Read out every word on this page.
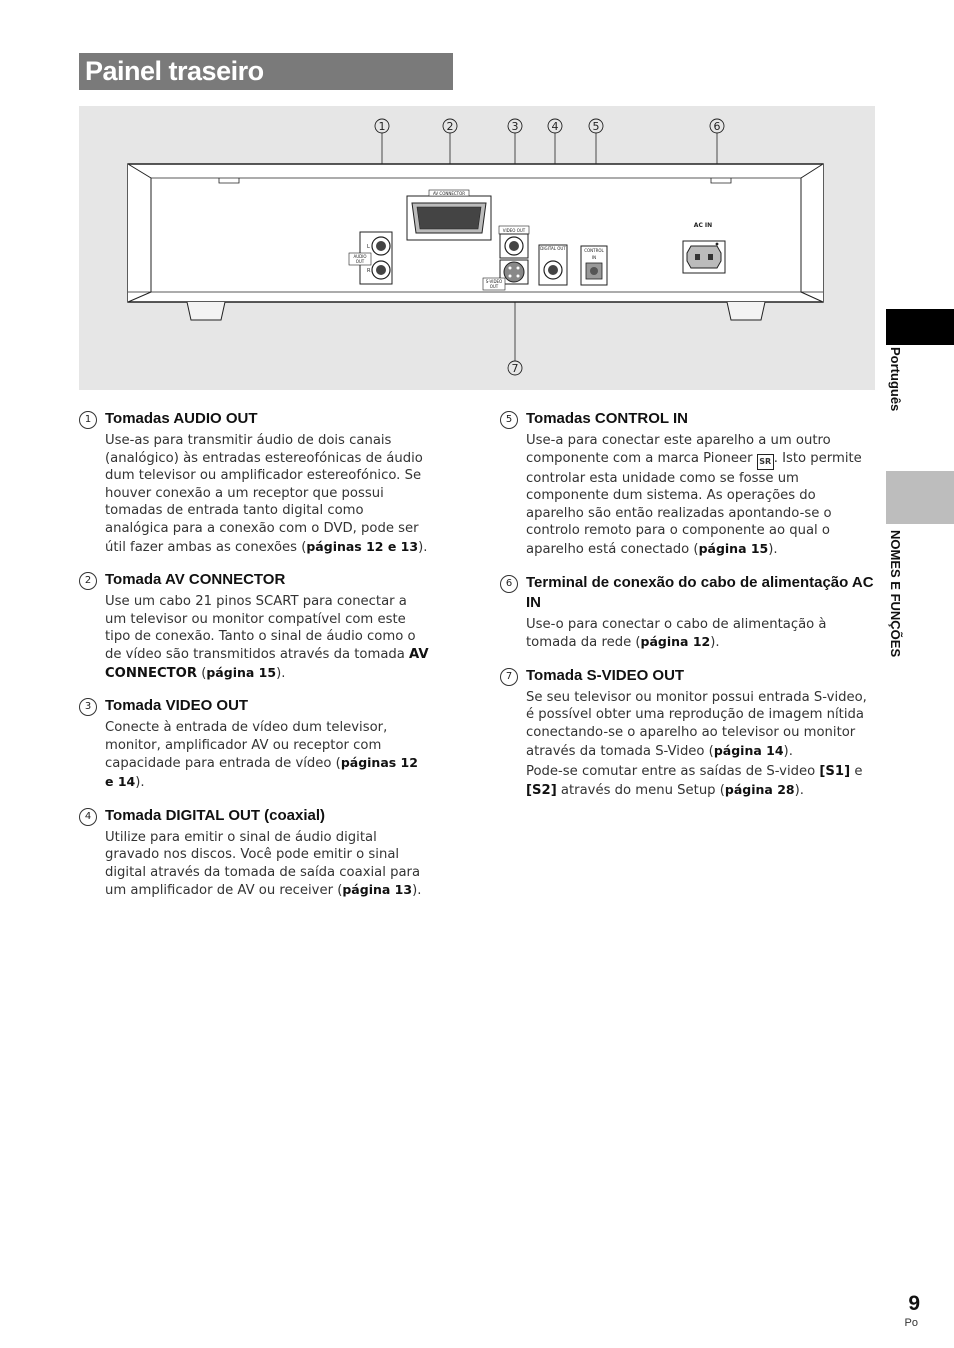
Painel traseiro
1	2	3	4	5	6
7
AV CONNECTOR
L
R
AUDIO
OUT
VIDEO OUT
S-VIDEO
OUT
DIGITAL OUT	CONTROL
IN
AC IN
1 Tomadas AUDIO OUT

Use-as para transmitir áudio de dois canais (analógico) às entradas estereofónicas de áudio dum televisor ou amplificador estereofónico. Se houver conexão a um receptor que possui tomadas de entrada tanto digital como analógica para a conexão com o DVD, pode ser útil fazer ambas as conexões (páginas 12 e 13).

2 Tomada AV CONNECTOR

Use um cabo 21 pinos SCART para conectar a um televisor ou monitor compatível com este tipo de conexão. Tanto o sinal de áudio como o de vídeo são transmitidos através da tomada AV CONNECTOR (página 15).

3 Tomada VIDEO OUT

Conecte à entrada de vídeo dum televisor, monitor, amplificador AV ou receptor com capacidade para entrada de vídeo (páginas 12 e 14).

4 Tomada DIGITAL OUT (coaxial)

Utilize para emitir o sinal de áudio digital gravado nos discos. Você pode emitir o sinal digital através da tomada de saída coaxial para um amplificador de AV ou receiver (página 13).

5 Tomadas CONTROL IN

Use-a para conectar este aparelho a um outro componente com a marca Pioneer SR . Isto permite controlar esta unidade como se fosse um componente dum sistema. As operações do aparelho são então realizadas apontando-se o controlo remoto para o componente ao qual o aparelho está conectado (página 15).

6 Terminal de conexão do cabo de alimentação AC IN

Use-o para conectar o cabo de alimentação à tomada da rede (página 12).

7 Tomada S-VIDEO OUT

Se seu televisor ou monitor possui entrada S-video, é possível obter uma reprodução de imagem nítida conectando-se o aparelho ao televisor ou monitor através da tomada S-Video (página 14).

Pode-se comutar entre as saídas de S-video [S1] e [S2] através do menu Setup (página 28).

Português
NOMES E FUNÇÕES
9
Po
